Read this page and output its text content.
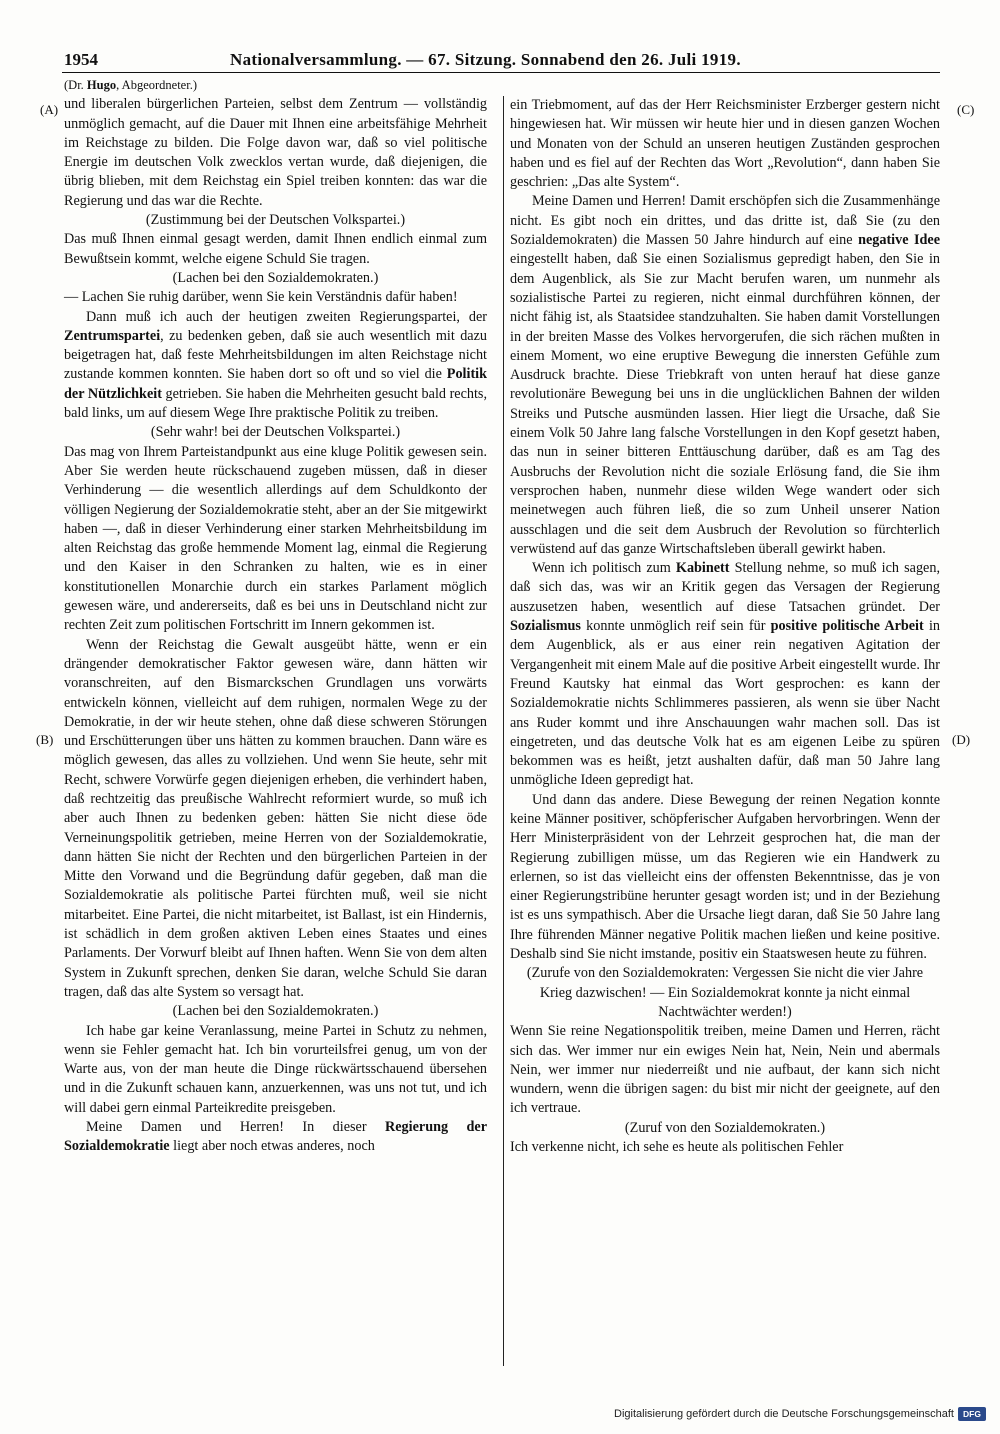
1954	Nationalversammlung. — 67. Sitzung. Sonnabend den 26. Juli 1919.
(A)
(B)
(C)
(D)

(Dr. Hugo, Abgeordneter.)

und liberalen bürgerlichen Parteien, selbst dem Zentrum — vollständig unmöglich gemacht, auf die Dauer mit Ihnen eine arbeitsfähige Mehrheit im Reichstage zu bilden. Die Folge davon war, daß so viel politische Energie im deutschen Volk zwecklos vertan wurde, daß diejenigen, die übrig blieben, mit dem Reichstag ein Spiel treiben konnten: das war die Regierung und das war die Rechte.

(Zustimmung bei der Deutschen Volkspartei.)

Das muß Ihnen einmal gesagt werden, damit Ihnen endlich einmal zum Bewußtsein kommt, welche eigene Schuld Sie tragen.

(Lachen bei den Sozialdemokraten.)

— Lachen Sie ruhig darüber, wenn Sie kein Verständnis dafür haben!

Dann muß ich auch der heutigen zweiten Regierungspartei, der Zentrumspartei, zu bedenken geben, daß sie auch wesentlich mit dazu beigetragen hat, daß feste Mehrheitsbildungen im alten Reichstage nicht zustande kommen konnten. Sie haben dort so oft und so viel die Politik der Nützlichkeit getrieben. Sie haben die Mehrheiten gesucht bald rechts, bald links, um auf diesem Wege Ihre praktische Politik zu treiben.

(Sehr wahr! bei der Deutschen Volkspartei.)

Das mag von Ihrem Parteistandpunkt aus eine kluge Politik gewesen sein. Aber Sie werden heute rückschauend zugeben müssen, daß in dieser Verhinderung — die wesentlich allerdings auf dem Schuldkonto der völligen Negierung der Sozialdemokratie steht, aber an der Sie mitgewirkt haben —, daß in dieser Verhinderung einer starken Mehrheitsbildung im alten Reichstag das große hemmende Moment lag, einmal die Regierung und den Kaiser in den Schranken zu halten, wie es in einer konstitutionellen Monarchie durch ein starkes Parlament möglich gewesen wäre, und andererseits, daß es bei uns in Deutschland nicht zur rechten Zeit zum politischen Fortschritt im Innern gekommen ist.

Wenn der Reichstag die Gewalt ausgeübt hätte, wenn er ein drängender demokratischer Faktor gewesen wäre, dann hätten wir voranschreiten, auf den Bismarckschen Grundlagen uns vorwärts entwickeln können, vielleicht auf dem ruhigen, normalen Wege zu der Demokratie, in der wir heute stehen, ohne daß diese schweren Störungen und Erschütterungen über uns hätten zu kommen brauchen. Dann wäre es möglich gewesen, das alles zu vollziehen. Und wenn Sie heute, sehr mit Recht, schwere Vorwürfe gegen diejenigen erheben, die verhindert haben, daß rechtzeitig das preußische Wahlrecht reformiert wurde, so muß ich aber auch Ihnen zu bedenken geben: hätten Sie nicht diese öde Verneinungspolitik getrieben, meine Herren von der Sozialdemokratie, dann hätten Sie nicht der Rechten und den bürgerlichen Parteien in der Mitte den Vorwand und die Begründung dafür gegeben, daß man die Sozialdemokratie als politische Partei fürchten muß, weil sie nicht mitarbeitet. Eine Partei, die nicht mitarbeitet, ist Ballast, ist ein Hindernis, ist schädlich in dem großen aktiven Leben eines Staates und eines Parlaments. Der Vorwurf bleibt auf Ihnen haften. Wenn Sie von dem alten System in Zukunft sprechen, denken Sie daran, welche Schuld Sie daran tragen, daß das alte System so versagt hat.

(Lachen bei den Sozialdemokraten.)

Ich habe gar keine Veranlassung, meine Partei in Schutz zu nehmen, wenn sie Fehler gemacht hat. Ich bin vorurteilsfrei genug, um von der Warte aus, von der man heute die Dinge rückwärtsschauend übersehen und in die Zukunft schauen kann, anzuerkennen, was uns not tut, und ich will dabei gern einmal Parteikredite preisgeben.

Meine Damen und Herren! In dieser Regierung der Sozialdemokratie liegt aber noch etwas anderes, noch

ein Triebmoment, auf das der Herr Reichsminister Erzberger gestern nicht hingewiesen hat. Wir müssen wir heute hier und in diesen ganzen Wochen und Monaten von der Schuld an unseren heutigen Zuständen gesprochen haben und es fiel auf der Rechten das Wort „Revolution“, dann haben Sie geschrien: „Das alte System“.

Meine Damen und Herren! Damit erschöpfen sich die Zusammenhänge nicht. Es gibt noch ein drittes, und das dritte ist, daß Sie (zu den Sozialdemokraten) die Massen 50 Jahre hindurch auf eine negative Idee eingestellt haben, daß Sie einen Sozialismus gepredigt haben, den Sie in dem Augenblick, als Sie zur Macht berufen waren, um nunmehr als sozialistische Partei zu regieren, nicht einmal durchführen können, der nicht fähig ist, als Staatsidee standzuhalten. Sie haben damit Vorstellungen in der breiten Masse des Volkes hervorgerufen, die sich rächen mußten in einem Moment, wo eine eruptive Bewegung die innersten Gefühle zum Ausdruck brachte. Diese Triebkraft von unten herauf hat diese ganze revolutionäre Bewegung bei uns in die unglücklichen Bahnen der wilden Streiks und Putsche ausmünden lassen. Hier liegt die Ursache, daß Sie einem Volk 50 Jahre lang falsche Vorstellungen in den Kopf gesetzt haben, das nun in seiner bitteren Enttäuschung darüber, daß es am Tag des Ausbruchs der Revolution nicht die soziale Erlösung fand, die Sie ihm versprochen haben, nunmehr diese wilden Wege wandert oder sich meinetwegen auch führen ließ, die so zum Unheil unserer Nation ausschlagen und die seit dem Ausbruch der Revolution so fürchterlich verwüstend auf das ganze Wirtschaftsleben überall gewirkt haben.

Wenn ich politisch zum Kabinett Stellung nehme, so muß ich sagen, daß sich das, was wir an Kritik gegen das Versagen der Regierung auszusetzen haben, wesentlich auf diese Tatsachen gründet. Der Sozialismus konnte unmöglich reif sein für positive politische Arbeit in dem Augenblick, als er aus einer rein negativen Agitation der Vergangenheit mit einem Male auf die positive Arbeit eingestellt wurde. Ihr Freund Kautsky hat einmal das Wort gesprochen: es kann der Sozialdemokratie nichts Schlimmeres passieren, als wenn sie über Nacht ans Ruder kommt und ihre Anschauungen wahr machen soll. Das ist eingetreten, und das deutsche Volk hat es am eigenen Leibe zu spüren bekommen was es heißt, jetzt aushalten dafür, daß man 50 Jahre lang unmögliche Ideen gepredigt hat.

Und dann das andere. Diese Bewegung der reinen Negation konnte keine Männer positiver, schöpferischer Aufgaben hervorbringen. Wenn der Herr Ministerpräsident von der Lehrzeit gesprochen hat, die man der Regierung zubilligen müsse, um das Regieren wie ein Handwerk zu erlernen, so ist das vielleicht eins der offensten Bekenntnisse, das je von einer Regierungstribüne herunter gesagt worden ist; und in der Beziehung ist es uns sympathisch. Aber die Ursache liegt daran, daß Sie 50 Jahre lang Ihre führenden Männer negative Politik machen ließen und keine positive. Deshalb sind Sie nicht imstande, positiv ein Staatswesen heute zu führen.

(Zurufe von den Sozialdemokraten: Vergessen Sie nicht die vier Jahre Krieg dazwischen! — Ein Sozialdemokrat konnte ja nicht einmal Nachtwächter werden!)

Wenn Sie reine Negationspolitik treiben, meine Damen und Herren, rächt sich das. Wer immer nur ein ewiges Nein hat, Nein, Nein und abermals Nein, wer immer nur niederreißt und nie aufbaut, der kann sich nicht wundern, wenn die übrigen sagen: du bist mir nicht der geeignete, auf den ich vertraue.

(Zuruf von den Sozialdemokraten.)

Ich verkenne nicht, ich sehe es heute als politischen Fehler

Digitalisierung gefördert durch die Deutsche Forschungsgemeinschaft	DFG
